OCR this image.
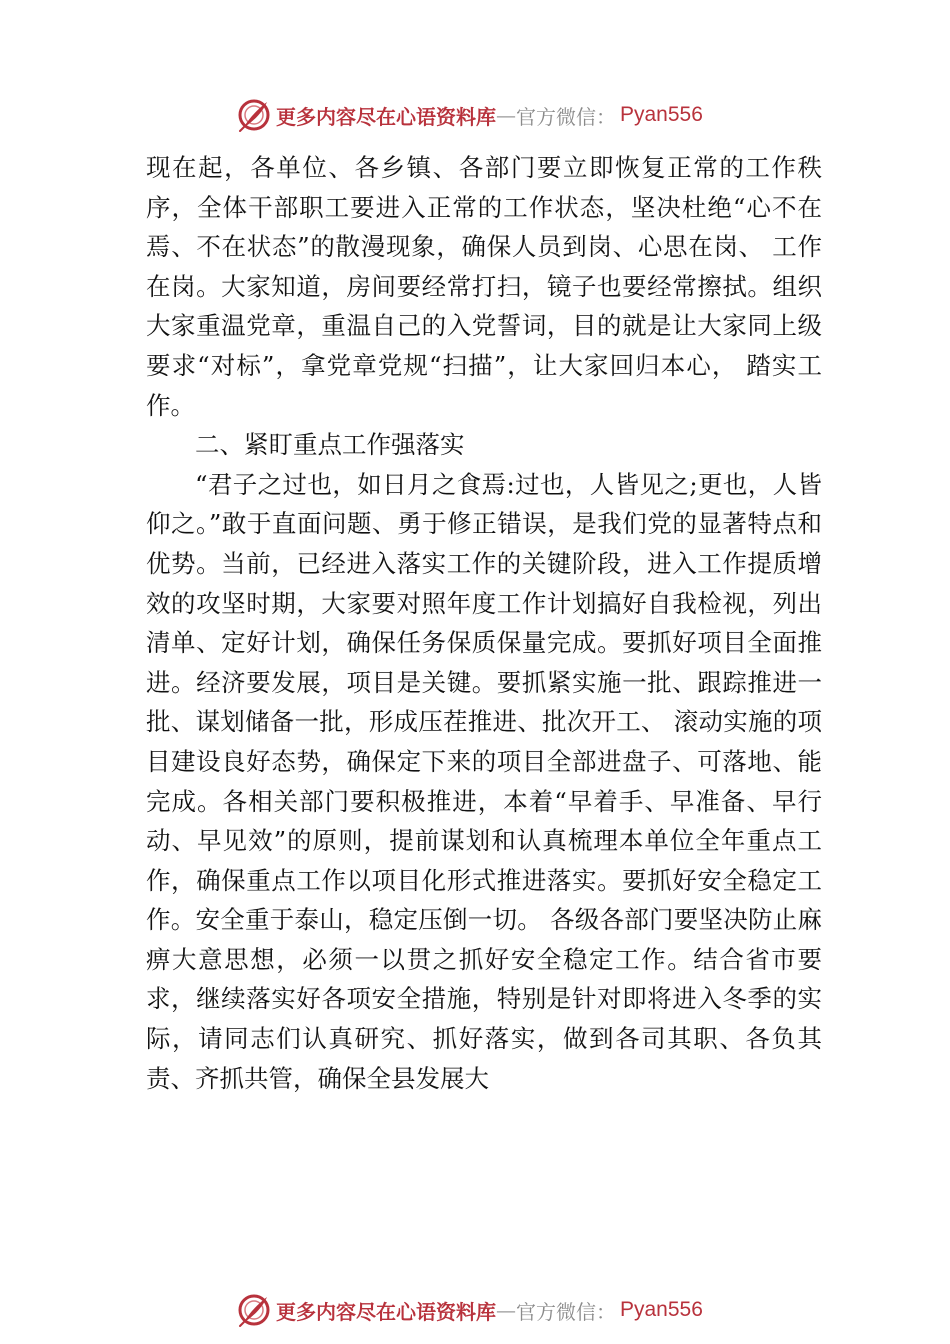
更多内容尽在心语资料库 — 官方微信： Pyan556

现在起，各单位、各乡镇、各部门要立即恢复正常的工作秩序，全体干部职工要进入正常的工作状态，坚决杜绝“心不在焉、不在状态”的散漫现象，确保人员到岗、心思在岗、 工作在岗。大家知道，房间要经常打扫，镜子也要经常擦拭。组织大家重温党章，重温自己的入党誓词，目的就是让大家同上级要求“对标”，拿党章党规“扫描”，让大家回归本心， 踏实工作。

二、紧盯重点工作强落实

“君子之过也，如日月之食焉:过也，人皆见之;更也，人皆仰之。”敢于直面问题、勇于修正错误，是我们党的显著特点和优势。当前，已经进入落实工作的关键阶段，进入工作提质增效的攻坚时期，大家要对照年度工作计划搞好自我检视，列出清单、定好计划，确保任务保质保量完成。要抓好项目全面推进。经济要发展，项目是关键。要抓紧实施一批、跟踪推进一批、谋划储备一批，形成压茬推进、批次开工、 滚动实施的项目建设良好态势，确保定下来的项目全部进盘子、可落地、能完成。各相关部门要积极推进，本着“早着手、早准备、早行动、早见效”的原则，提前谋划和认真梳理本单位全年重点工作，确保重点工作以项目化形式推进落实。要抓好安全稳定工作。安全重于泰山，稳定压倒一切。 各级各部门要坚决防止麻痹大意思想，必须一以贯之抓好安全稳定工作。结合省市要求，继续落实好各项安全措施，特别是针对即将进入冬季的实际，请同志们认真研究、抓好落实，做到各司其职、各负其责、齐抓共管，确保全县发展大

更多内容尽在心语资料库 — 官方微信： Pyan556
